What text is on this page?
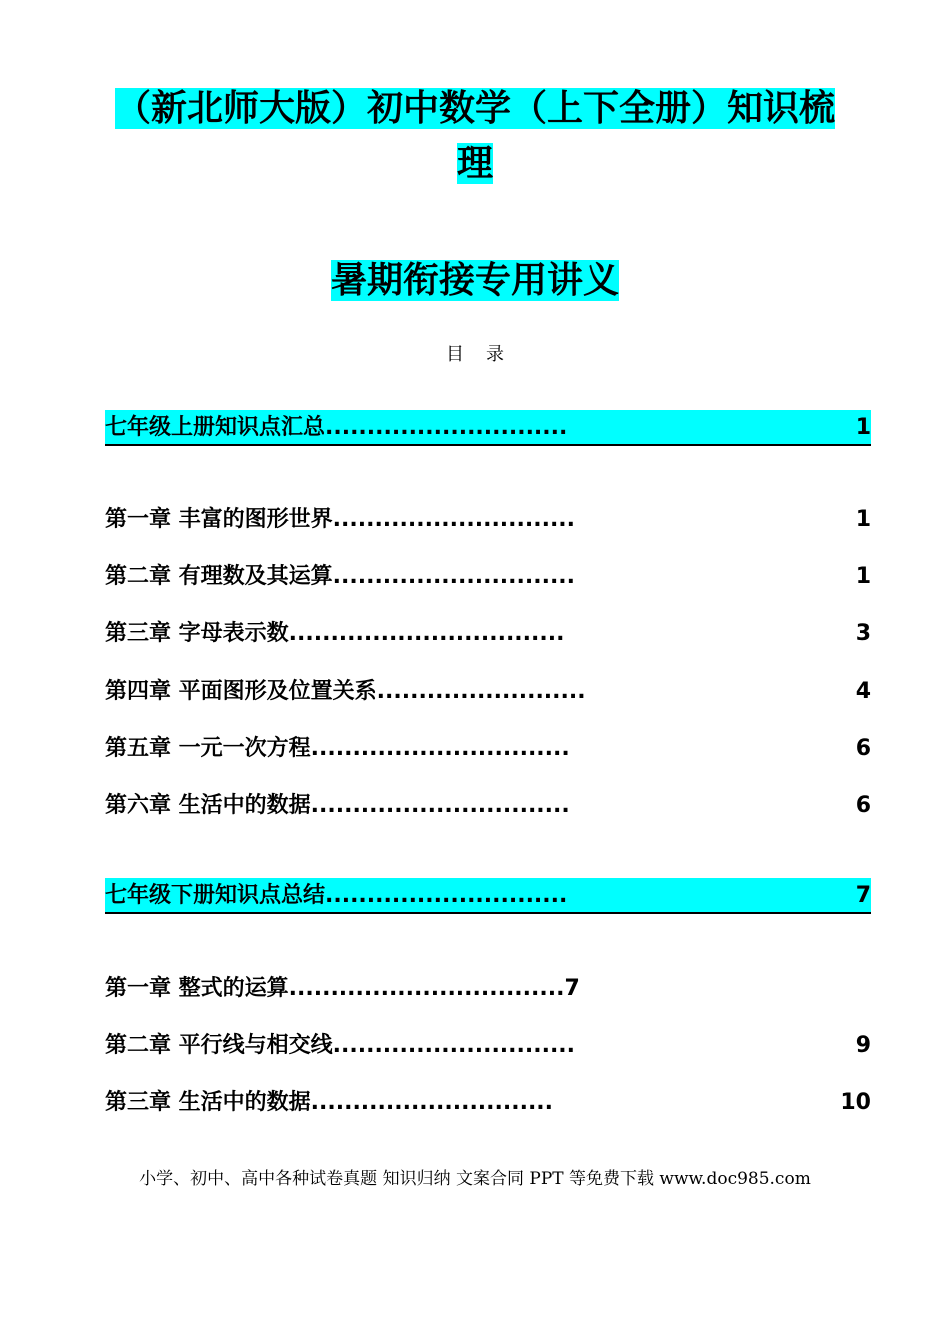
（新北师大版）初中数学（上下全册）知识梳
理
暑期衔接专用讲义
目录
七年级上册知识点汇总.............................	1
第一章 丰富的图形世界.............................	1
第二章 有理数及其运算.............................	1
第三章 字母表示数.................................	3
第四章 平面图形及位置关系.........................	4
第五章 一元一次方程...............................	6
第六章 生活中的数据...............................	6
七年级下册知识点总结.............................	7
第一章 整式的运算.................................7
第二章 平行线与相交线.............................	9
第三章 生活中的数据.............................	10
小学、初中、高中各种试卷真题 知识归纳 文案合同 PPT 等免费下载 www.doc985.com
